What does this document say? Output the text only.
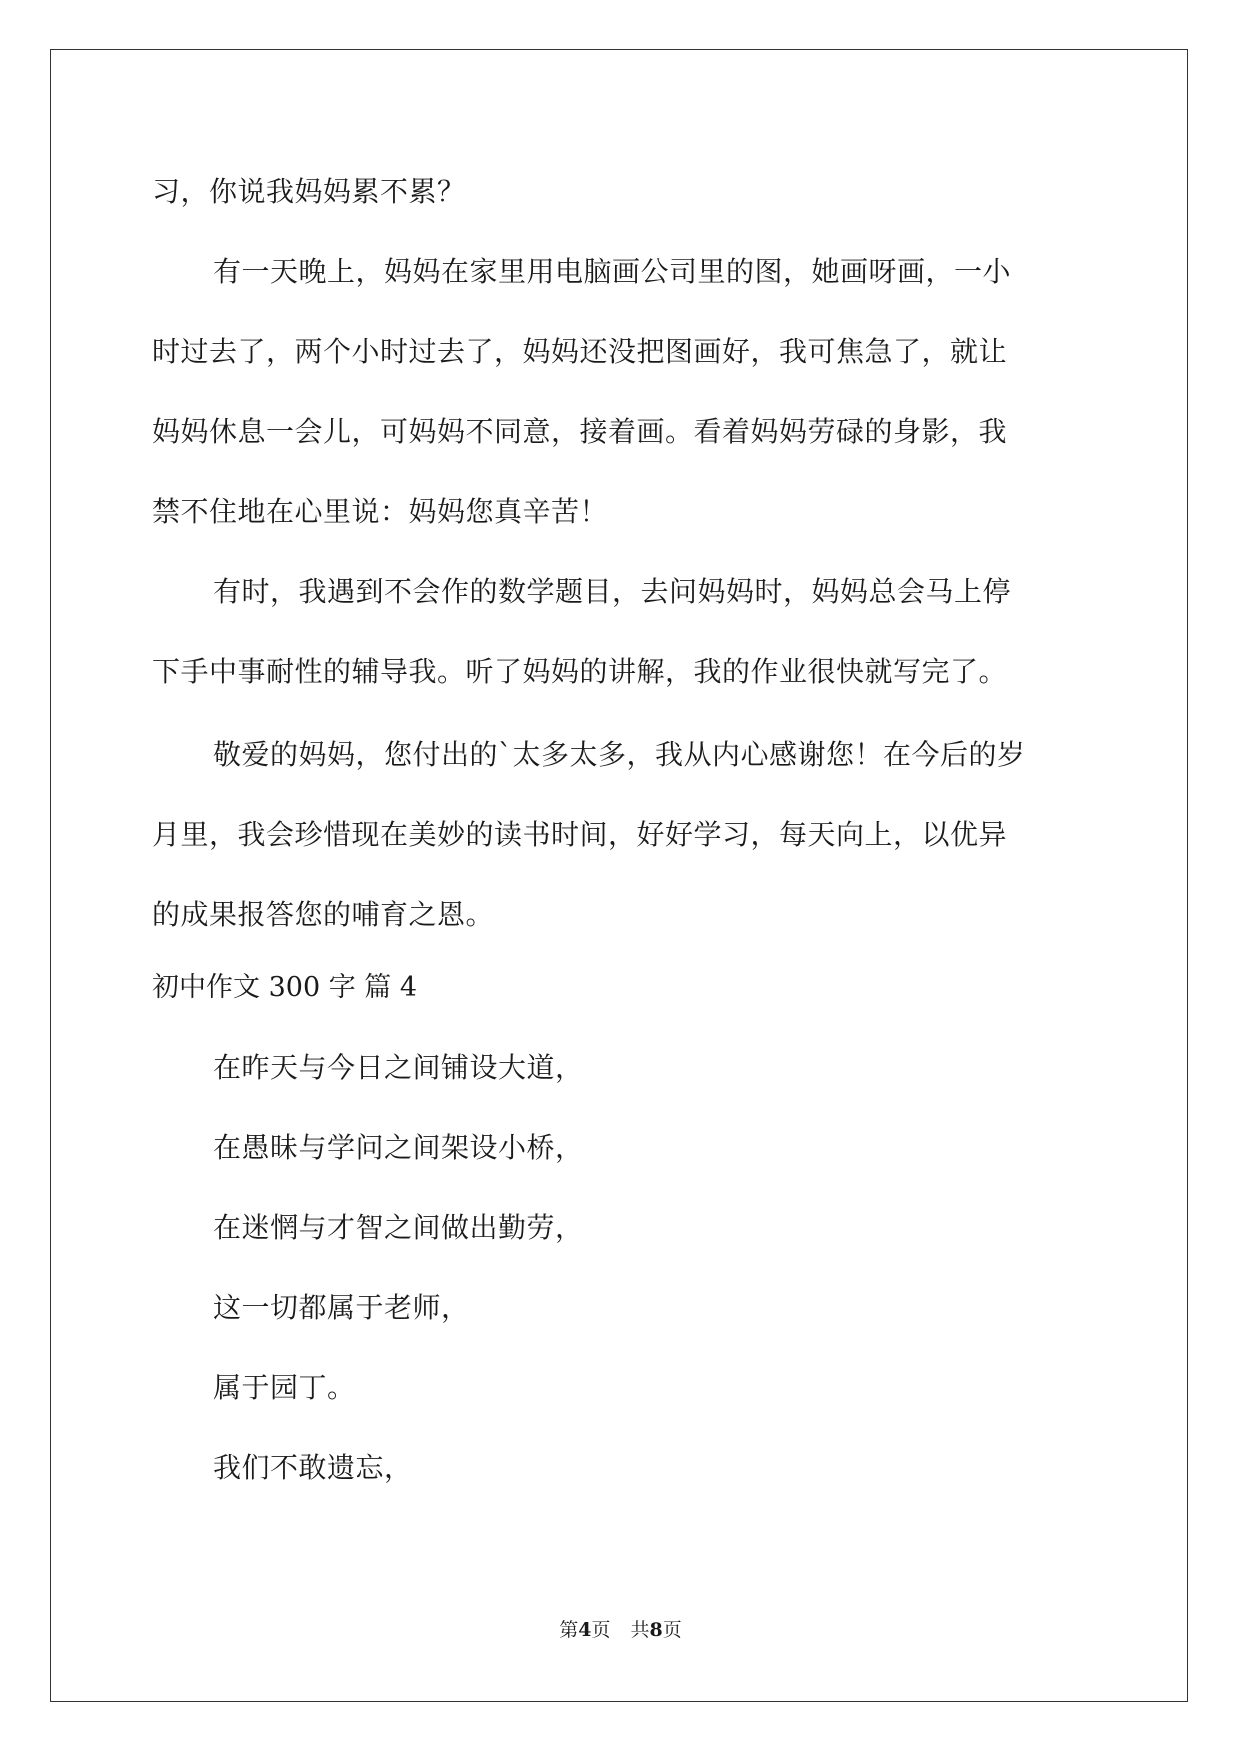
习，你说我妈妈累不累？
有一天晚上，妈妈在家里用电脑画公司里的图，她画呀画，一小
时过去了，两个小时过去了，妈妈还没把图画好，我可焦急了，就让
妈妈休息一会儿，可妈妈不同意，接着画。看着妈妈劳碌的身影，我
禁不住地在心里说：妈妈您真辛苦！
有时，我遇到不会作的数学题目，去问妈妈时，妈妈总会马上停
下手中事耐性的辅导我。听了妈妈的讲解，我的作业很快就写完了。
敬爱的妈妈，您付出的`太多太多，我从内心感谢您！在今后的岁
月里，我会珍惜现在美妙的读书时间，好好学习，每天向上，以优异
的成果报答您的哺育之恩。
初中作文 300 字 篇 4
在昨天与今日之间铺设大道，
在愚昧与学问之间架设小桥，
在迷惘与才智之间做出勤劳，
这一切都属于老师，
属于园丁。
我们不敢遗忘，
第4页 共8页
